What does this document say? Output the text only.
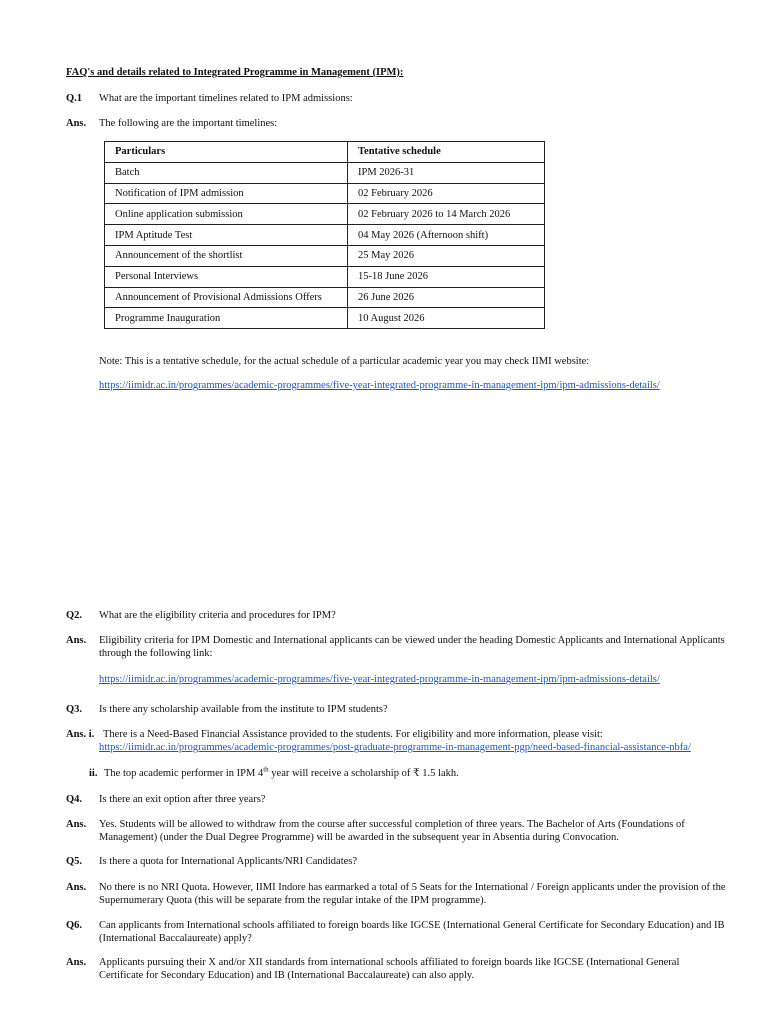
FAQ's and details related to Integrated Programme in Management (IPM):
Q.1 What are the important timelines related to IPM admissions:
Ans. The following are the important timelines:
Particulars	Tentative schedule
Batch	IPM 2026-31
Notification of IPM admission	02 February 2026
Online application submission	02 February 2026 to 14 March 2026
IPM Aptitude Test	04 May 2026 (Afternoon shift)
Announcement of the shortlist	25 May 2026
Personal Interviews	15-18 June 2026
Announcement of Provisional Admissions Offers	26 June 2026
Programme Inauguration	10 August 2026
Note: This is a tentative schedule, for the actual schedule of a particular academic year you may check IIMI website:
https://iimidr.ac.in/programmes/academic-programmes/five-year-integrated-programme-in-management-ipm/ipm-admissions-details/
Q2. What are the eligibility criteria and procedures for IPM?
Ans. Eligibility criteria for IPM Domestic and International applicants can be viewed under the heading Domestic Applicants and International Applicants through the following link:
https://iimidr.ac.in/programmes/academic-programmes/five-year-integrated-programme-in-management-ipm/ipm-admissions-details/
Q3. Is there any scholarship available from the institute to IPM students?
Ans. i. There is a Need-Based Financial Assistance provided to the students. For eligibility and more information, please visit:
https://iimidr.ac.in/programmes/academic-programmes/post-graduate-programme-in-management-pgp/need-based-financial-assistance-nbfa/
ii. The top academic performer in IPM 4th year will receive a scholarship of ₹ 1.5 lakh.
Q4. Is there an exit option after three years?
Ans. Yes. Students will be allowed to withdraw from the course after successful completion of three years. The Bachelor of Arts (Foundations of Management) (under the Dual Degree Programme) will be awarded in the subsequent year in Absentia during Convocation.
Q5. Is there a quota for International Applicants/NRI Candidates?
Ans. No there is no NRI Quota. However, IIMI Indore has earmarked a total of 5 Seats for the International / Foreign applicants under the provision of the Supernumerary Quota (this will be separate from the regular intake of the IPM programme).
Q6. Can applicants from International schools affiliated to foreign boards like IGCSE (International General Certificate for Secondary Education) and IB (International Baccalaureate) apply?
Ans. Applicants pursuing their X and/or XII standards from international schools affiliated to foreign boards like IGCSE (International General Certificate for Secondary Education) and IB (International Baccalaureate) can also apply.
